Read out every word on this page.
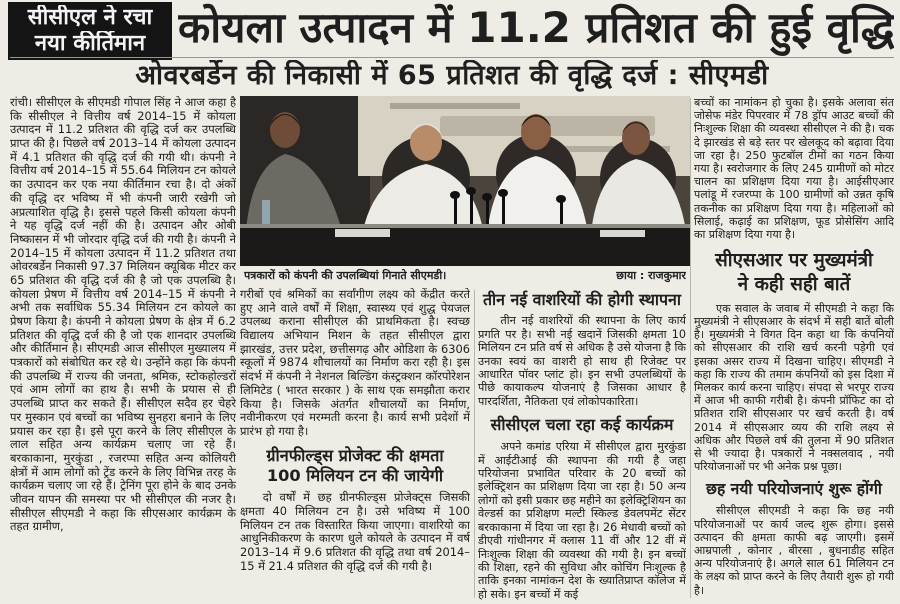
सीसीएल ने रचा
नया कीर्तिमान कोयला उत्पादन में 11.2 प्रतिशत की हुई वृद्धि
ओवरबर्डेन की निकासी में 65 प्रतिशत की वृद्धि दर्ज : सीएमडी

रांची। सीसीएल के सीएमडी गोपाल सिंह ने आज कहा है कि सीसीएल ने वित्तीय वर्ष 2014–15 में कोयला उत्पादन में 11.2 प्रतिशत की वृद्धि दर्ज कर उपलब्धि प्राप्त की है। पिछले वर्ष 2013–14 में कोयला उत्पादन में 4.1 प्रतिशत की वृद्धि दर्ज की गयी थी। कंपनी ने वित्तीय वर्ष 2014–15 में 55.64 मिलियन टन कोयले का उत्पादन कर एक नया कीर्तिमान रचा है। दो अंकों की वृद्धि दर भविष्य में भी कंपनी जारी रखेगी जो अप्रत्याशित वृद्धि है। इससे पहले किसी कोयला कंपनी ने यह वृद्धि दर्ज नहीं की है। उत्पादन और ओबी निष्कासन में भी जोरदार वृद्धि दर्ज की गयी है। कंपनी ने 2014–15 में कोयला उत्पादन में 11.2 प्रतिशत तथा ओवरबर्डेन निकासी 97.37 मिलियन क्यूबिक मीटर कर 65 प्रतिशत की वृद्धि दर्ज की है जो एक उपलब्धि है। कोयला प्रेषण में वित्तीय वर्ष 2014–15 में कंपनी ने अभी तक सर्वाधिक 55.34 मिलियन टन कोयले का प्रेषण किया है। कंपनी ने कोयला प्रेषण के क्षेत्र में 6.2 प्रतिशत की वृद्धि दर्ज की है जो एक शानदार उपलब्धि और कीर्तिमान है। सीएमडी आज सीसीएल मुख्यालय में पत्रकारों को संबोधित कर रहे थे। उन्होंने कहा कि कंपनी की उपलब्धि में राज्य की जनता, श्रमिक, स्टोकहोल्डरों एवं आम लोगों का हाथ है। सभी के प्रयास से ही उपलब्धि प्राप्त कर सकते हैं। सीसीएल सदैव हर चेहरे पर मुस्कान एवं बच्चों का भविष्य सुनहरा बनाने के लिए प्रयास कर रहा है। इसे पूरा करने के लिए सीसीएल के लाल सहित अन्य कार्यक्रम चलाए जा रहे हैं। बरकाकाना, मुरकुंडा , रजरप्पा सहित अन्य कोलियरी क्षेत्रों में आम लोगों को ट्रेंड करने के लिए विभिन्न तरह के कार्यक्रम चलाए जा रहे हैं। ट्रेनिंग पूरा होने के बाद उनके जीवन यापन की समस्या पर भी सीसीएल की नजर है। सीसीएल सीएमडी ने कहा कि सीएसआर कार्यक्रम के तहत ग्रामीण,

पत्रकारों को कंपनी की उपलब्धियां गिनाते सीएमडी।	छाया : राजकुमार

गरीबों एवं श्रमिकों का सर्वांगीण लक्ष्य को केंद्रीत करते हुए आने वाले वर्षों में शिक्षा, स्वास्थ्य एवं शुद्ध पेयजल उपलब्ध कराना सीसीएल की प्राथमिकता है। स्वच्छ विद्यालय अभियान मिशन के तहत सीसीएल द्वारा झारखंड, उत्तर प्रदेश, छत्तीसगढ़ और ओडिशा के 6306 स्कूलों में 9874 शौचालयों का निर्माण करा रही है। इस संदर्भ में कंपनी ने नेशनल बिल्डिंग कंस्ट्रक्शन कॉरपोरेशन लिमिटेड ( भारत सरकार ) के साथ एक समझौता करार किया है। जिसके अंतर्गत शौचालयों का निर्माण, नवीनीकरण एवं मरम्मती करना है। कार्य सभी प्रदेशों में प्रारंभ हो गया है।

ग्रीनफील्ड्स प्रोजेक्ट की क्षमता
100 मिलियन टन की जायेगी

दो वर्षों में छह ग्रीनफील्ड्स प्रोजेक्ट्स जिसकी क्षमता 40 मिलियन टन है। उसे भविष्य में 100 मिलियन टन तक विस्तारित किया जाएगा। वाशरियो का आधुनिकीकरण के कारण धुले कोयले के उत्पादन में वर्ष 2013–14 में 9.6 प्रतिशत की वृद्धि तथा वर्ष 2014–15 में 21.4 प्रतिशत की वृद्धि दर्ज की गयी है।

तीन नई वाशरियों की होगी स्थापना

तीन नई वाशरियों की स्थापना के लिए कार्य प्रगति पर है। सभी नई खदानें जिसकी क्षमता 10 मिलियन टन प्रति वर्ष से अधिक है उसे योजना है कि उनका स्वयं का वाशरी हो साथ ही रिजेक्ट पर आधारित पॉवर प्लांट हो। इन सभी उपलब्धियों के पीछे कायाकल्प योजनाएं है जिसका आधार है पारदर्शिता, नैतिकता एवं लोकोपकारिता।

सीसीएल चला रहा कई कार्यक्रम

अपने कमांड एरिया में सीसीएल द्वारा मुरकुंडा में आईटीआई की स्थापना की गयी है जहा परियोजना प्रभावित परिवार के 20 बच्चों को इलेक्ट्रिशन का प्रशिक्षण दिया जा रहा है। 50 अन्य लोगों को इसी प्रकार छह महीने का इलेक्ट्रिशियन का वेल्डर्स का प्रशिक्षण मल्टी स्किल्ड डेवलपमेंट सेंटर बरकाकाना में दिया जा रहा है। 26 मेधावी बच्चों को डीएवी गांधीनगर में क्लास 11 वीं और 12 वीं में निःशुल्क शिक्षा की व्यवस्था की गयी है। इन बच्चों की शिक्षा, रहने की सुविधा और कोचिंग निःशुल्क है ताकि इनका नामांकन देश के ख्यातिप्राप्त कॉलेज में हो सके। इन बच्चों में कई

बच्चों का नामांकन हो चुका है। इसके अलावा संत जोसेफ मंडेर पिपरवार में 78 ड्रॉप आउट बच्चों की निःशुल्क शिक्षा की व्यवस्था सीसीएल ने की है। चक दे झारखंड से बड़े स्तर पर खेलकूद को बढ़ावा दिया जा रहा है। 250 फुटबॉल टीमों का गठन किया गया है। स्वरोजगार के लिए 245 ग्रामीणों को मोटर चालन का प्रशिक्षण दिया गया है। आईसीएआर पलांडू में रजरप्पा के 100 ग्रामीणों को उन्नत कृषि तकनीक का प्रशिक्षण दिया गया है। महिलाओं को सिलाई, कढ़ाई का प्रशिक्षण, फूड प्रोसेसिंग आदि का प्रशिक्षण दिया गया है।

सीएसआर पर मुख्यमंत्री
ने कही सही बातें

एक सवाल के जवाब में सीएमडी ने कहा कि मुख्यमंत्री ने सीएसआर के संदर्भ में सही बातें बोली है। मुख्यमंत्री ने विगत दिन कहा था कि कंपनियों को सीएसआर की राशि खर्च करनी पड़ेगी एवं इसका असर राज्य में दिखना चाहिए। सीएमडी ने कहा कि राज्य की तमाम कंपनियों को इस दिशा में मिलकर कार्य करना चाहिए। संपदा से भरपूर राज्य में आज भी काफी गरीबी है। कंपनी प्रॉफिट का दो प्रतिशत राशि सीएसआर पर खर्च करती है। वर्ष 2014 में सीएसआर व्यय की राशि लक्ष्य से अधिक और पिछले वर्ष की तुलना में 90 प्रतिशत से भी ज्यादा है। पत्रकारों ने नक्सलवाद , नयी परियोजनाओं पर भी अनेक प्रश्न पूछा।

छह नयी परियोजनाएं शुरू होंगी

सीसीएल सीएमडी ने कहा कि छह नयी परियोजनाओं पर कार्य जल्द शुरू होगा। इससे उत्पादन की क्षमता काफी बढ़ जाएगी। इसमें आम्रपाली , कोनार , बीरसा , बुधनाडीह सहित अन्य परियोजनाएं है। अगले साल 61 मिलियन टन के लक्ष्य को प्राप्त करने के लिए तैयारी शुरू हो गयी है।
